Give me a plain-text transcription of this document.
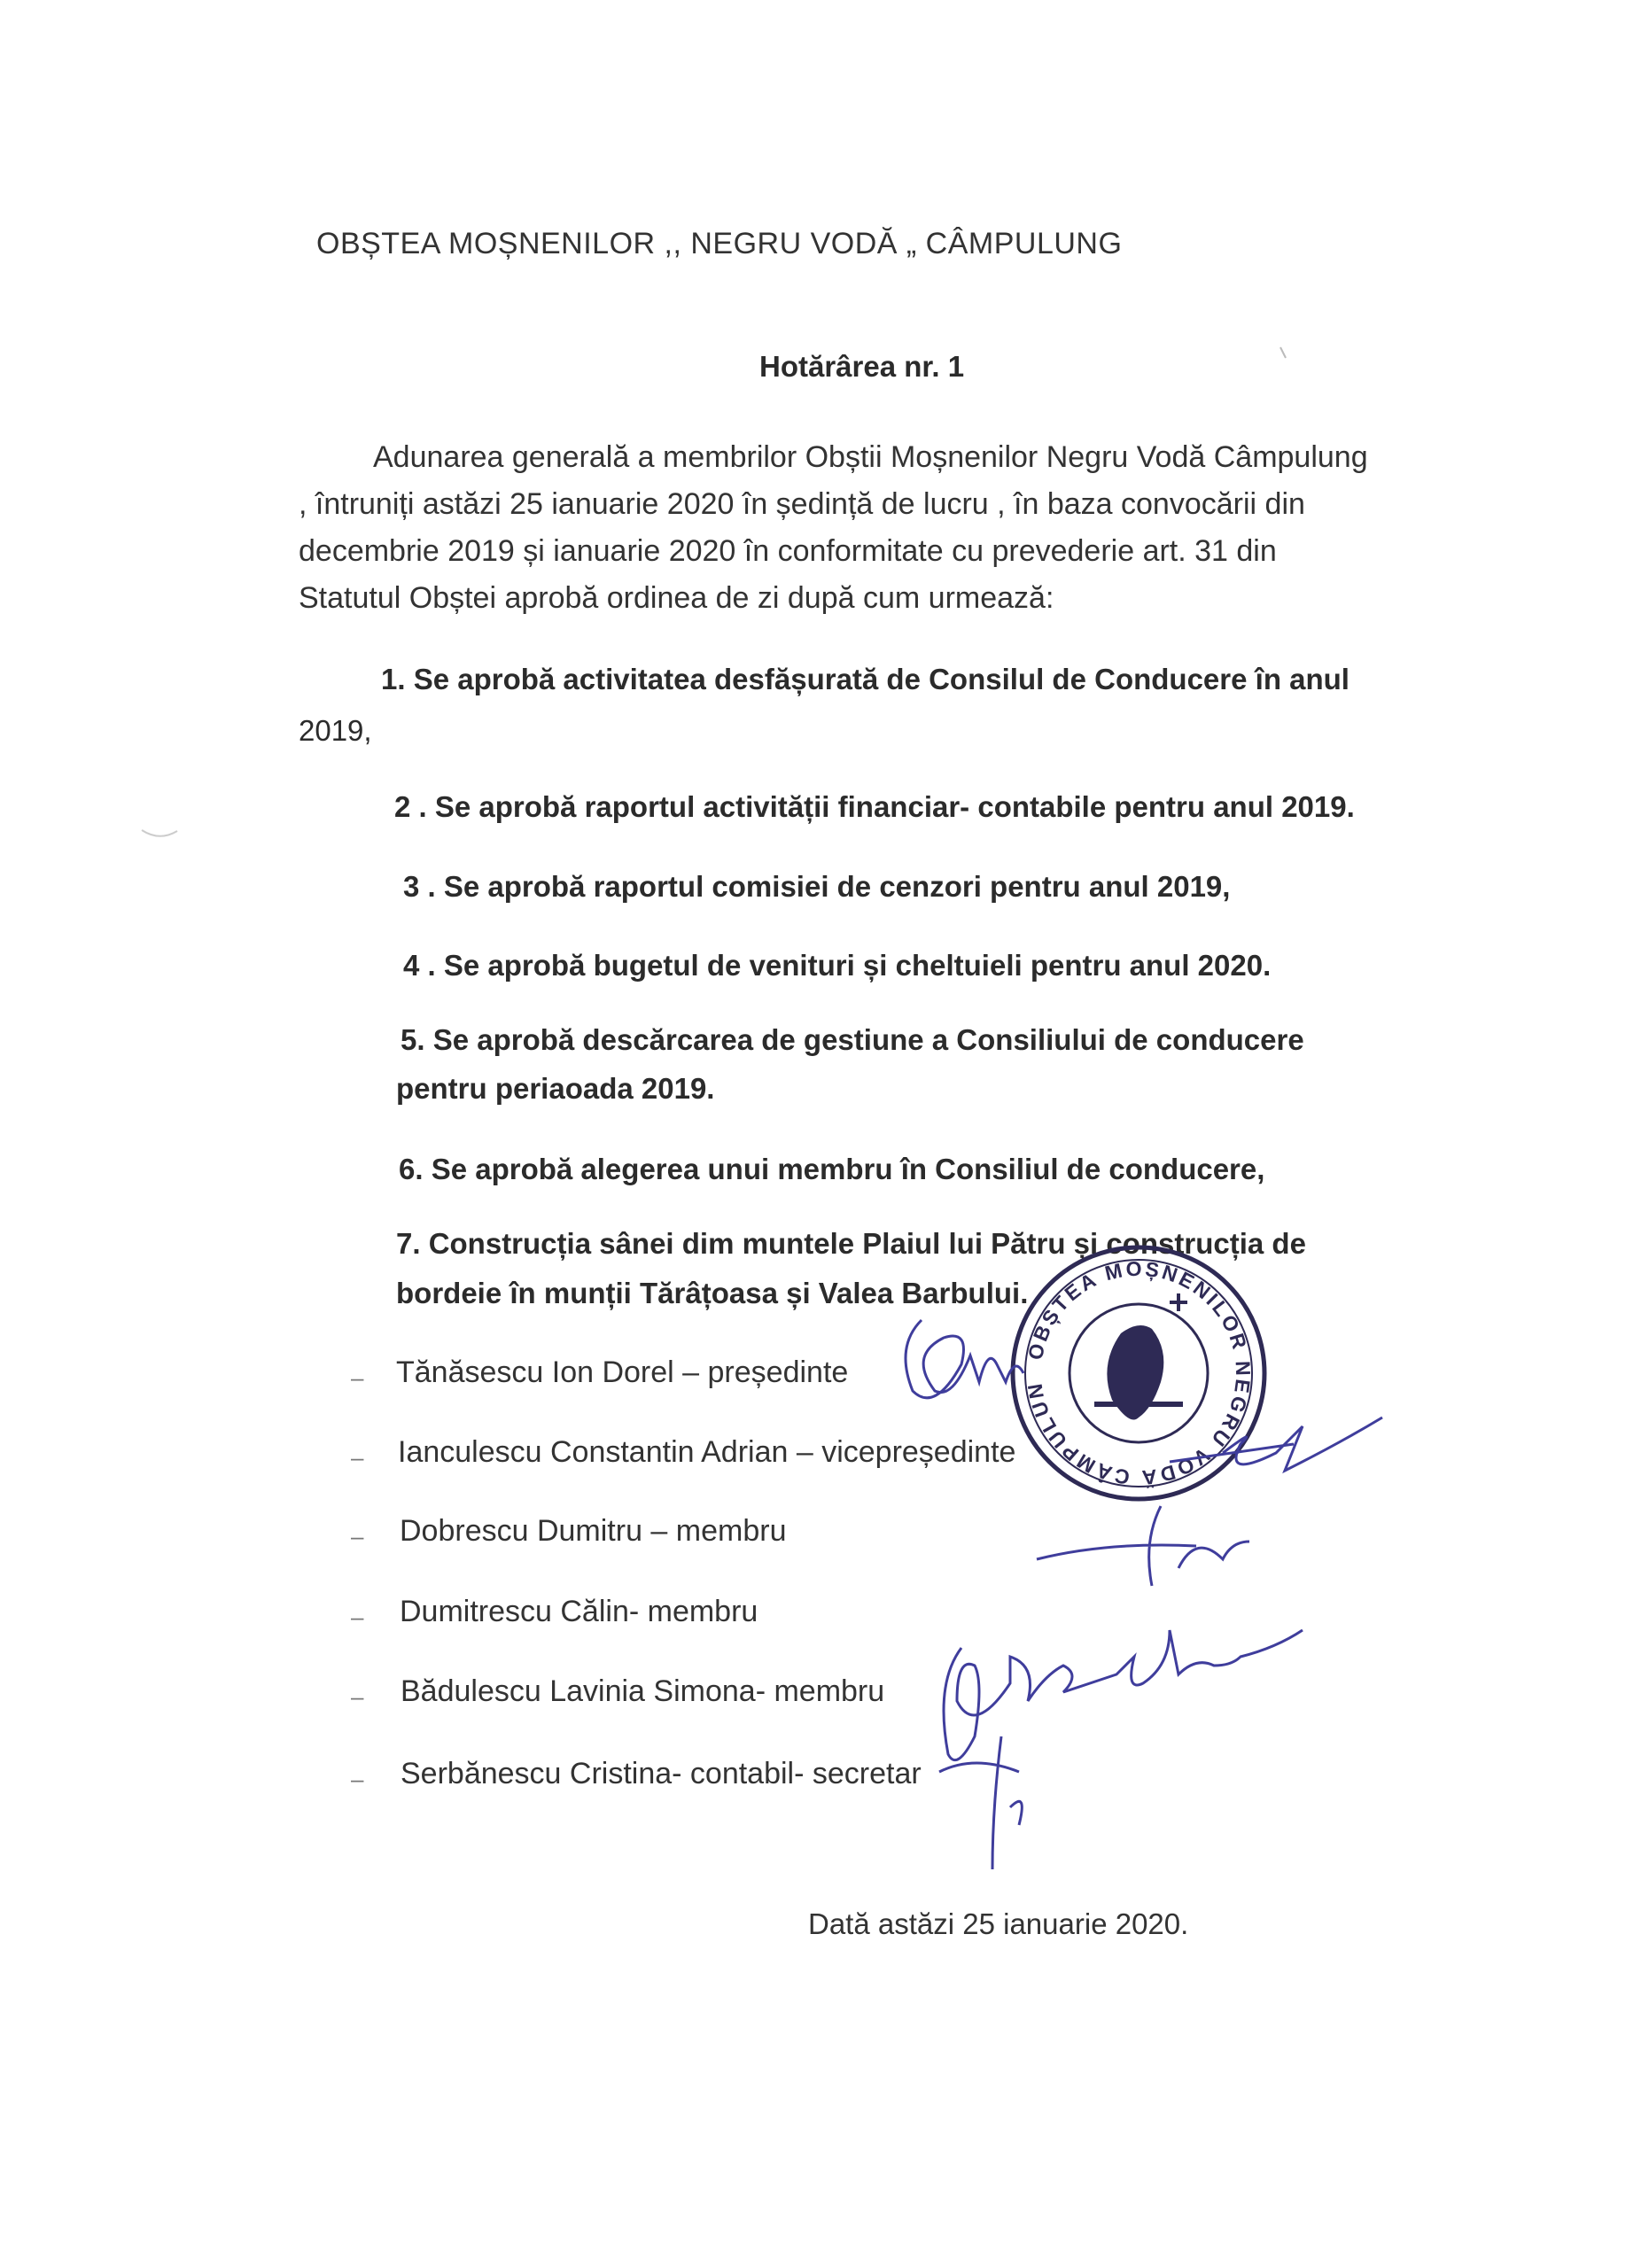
OBȘTEA MOȘNENILOR ,, NEGRU VODĂ „ CÂMPULUNG
Hotărârea nr. 1
Adunarea generală a membrilor Obștii Moșnenilor Negru Vodă Câmpulung
, întruniți astăzi 25 ianuarie 2020 în ședință de lucru , în baza convocării din
decembrie 2019 și ianuarie 2020 în conformitate cu prevederie art. 31 din
Statutul Obștei aprobă ordinea de zi după cum urmează:
1. Se aprobă activitatea desfășurată de Consilul de Conducere în anul
2019,
2 . Se aprobă raportul activității financiar- contabile pentru anul 2019.
3 . Se aprobă raportul comisiei de cenzori pentru anul 2019,
4 . Se aprobă bugetul de venituri și cheltuieli pentru anul 2020.
5. Se aprobă descărcarea de gestiune a Consiliului de conducere
pentru periaoada 2019.
6. Se aprobă alegerea unui membru în Consiliul de conducere,
7. Construcția sânei dim muntele Plaiul lui Pătru și construcția de
bordeie în munții Tărâțoasa și Valea Barbului.
– Tănăsescu Ion Dorel – președinte
– Ianculescu Constantin Adrian – vicepreședinte
– Dobrescu Dumitru – membru
– Dumitrescu Călin- membru
– Bădulescu Lavinia Simona- membru
– Serbănescu Cristina- contabil- secretar
Dată astăzi 25 ianuarie 2020.
OBȘTEA MOȘNENILOR NEGRU VODĂ CÂMPULUN
